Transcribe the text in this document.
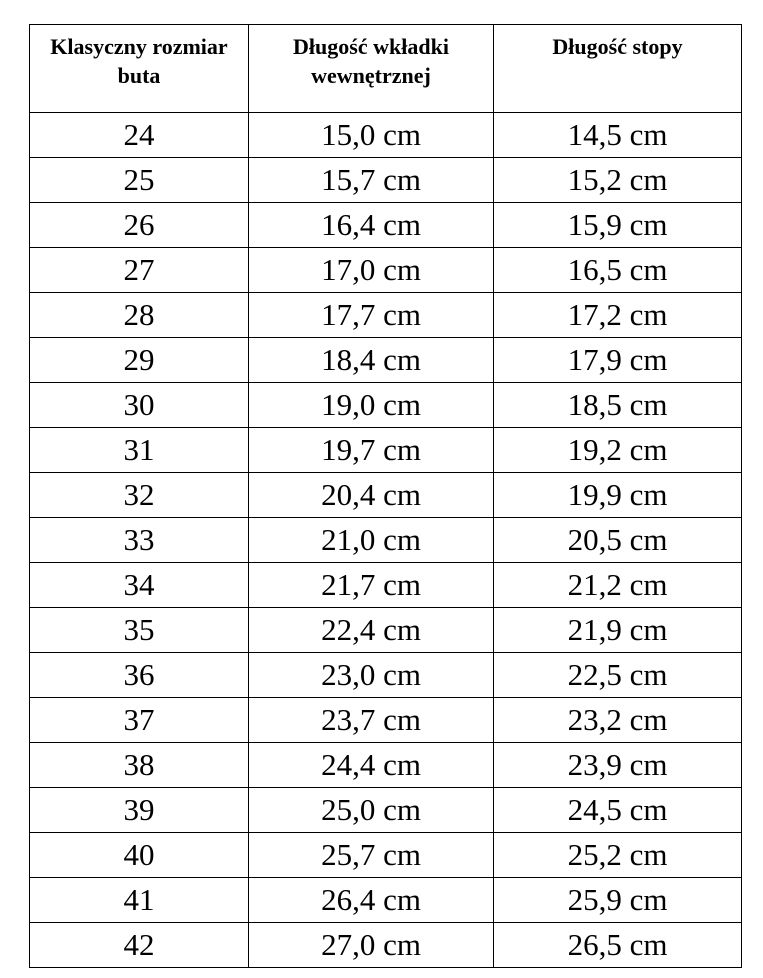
Klasyczny rozmiar buta	Długość wkładki wewnętrznej	Długość stopy
24	15,0 cm	14,5 cm
25	15,7 cm	15,2 cm
26	16,4 cm	15,9 cm
27	17,0 cm	16,5 cm
28	17,7 cm	17,2 cm
29	18,4 cm	17,9 cm
30	19,0 cm	18,5 cm
31	19,7 cm	19,2 cm
32	20,4 cm	19,9 cm
33	21,0 cm	20,5 cm
34	21,7 cm	21,2 cm
35	22,4 cm	21,9 cm
36	23,0 cm	22,5 cm
37	23,7 cm	23,2 cm
38	24,4 cm	23,9 cm
39	25,0 cm	24,5 cm
40	25,7 cm	25,2 cm
41	26,4 cm	25,9 cm
42	27,0 cm	26,5 cm
